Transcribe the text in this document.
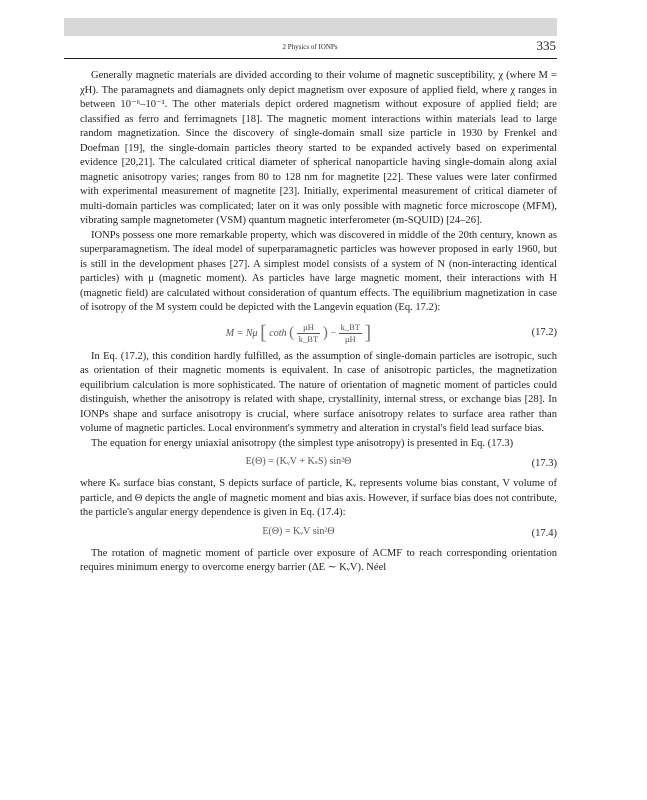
2 Physics of IONPs	335

Generally magnetic materials are divided according to their volume of magnetic susceptibility, χ (where M = χH). The paramagnets and diamagnets only depict magnetism over exposure of applied field, where χ ranges in between 10⁻⁶–10⁻¹. The other materials depict ordered magnetism without exposure of applied field; are classified as ferro and ferrimagnets [18]. The magnetic moment interactions within materials lead to large random magnetization. Since the discovery of single-domain small size particle in 1930 by Frenkel and Doefman [19], the single-domain particles theory started to be expanded actively based on experimental evidence [20,21]. The calculated critical diameter of spherical nanoparticle having single-domain along axial magnetic anisotropy varies; ranges from 80 to 128 nm for magnetite [22]. These values were later confirmed with experimental measurement of magnetite [23]. Initially, experimental measurement of critical diameter of multi-domain particles was complicated; later on it was only possible with magnetic force microscope (MFM), vibrating sample magnetometer (VSM) quantum magnetic interferometer (m-SQUID) [24–26].

IONPs possess one more remarkable property, which was discovered in middle of the 20th century, known as superparamagnetism. The ideal model of superparamagnetic particles was however proposed in early 1960, but is still in the development phases [27]. A simplest model consists of a system of N (non-interacting identical particles) with μ (magnetic moment). As particles have large magnetic moment, their interactions with H (magnetic field) are calculated without consideration of quantum effects. The equilibrium magnetization in case of isotropy of the M system could be depicted with the Langevin equation (Eq. 17.2):

M = Nμ [ coth ( $\frac{\mu H}{k\_BT}$ ) − $\frac{k\_BT}{\mu H}$ ]	(17.2)

In Eq. (17.2), this condition hardly fulfilled, as the assumption of single-domain particles are isotropic, such as orientation of their magnetic moments is equivalent. In case of anisotropic particles, the magnetization equilibrium calculation is more sophisticated. The nature of orientation of magnetic moment of particles could distinguish, whether the anisotropy is related with shape, crystallinity, internal stress, or exchange bias [28]. In IONPs shape and surface anisotropy is crucial, where surface anisotropy relates to surface area rather than volume of magnetic particles. Local environment's symmetry and alteration in crystal's field lead surface bias.

The equation for energy uniaxial anisotropy (the simplest type anisotropy) is presented in Eq. (17.3)

E(Θ) = (KᵥV + KₛS) sin²Θ	(17.3)

where Kₛ surface bias constant, S depicts surface of particle, Kᵥ represents volume bias constant, V volume of particle, and Θ depicts the angle of magnetic moment and bias axis. However, if surface bias does not contribute, the particle's angular energy dependence is given in Eq. (17.4):

E(Θ) = KᵥV sin²Θ	(17.4)

The rotation of magnetic moment of particle over exposure of ACMF to reach corresponding orientation requires minimum energy to overcome energy barrier (ΔE ∼ KᵥV). Néel
